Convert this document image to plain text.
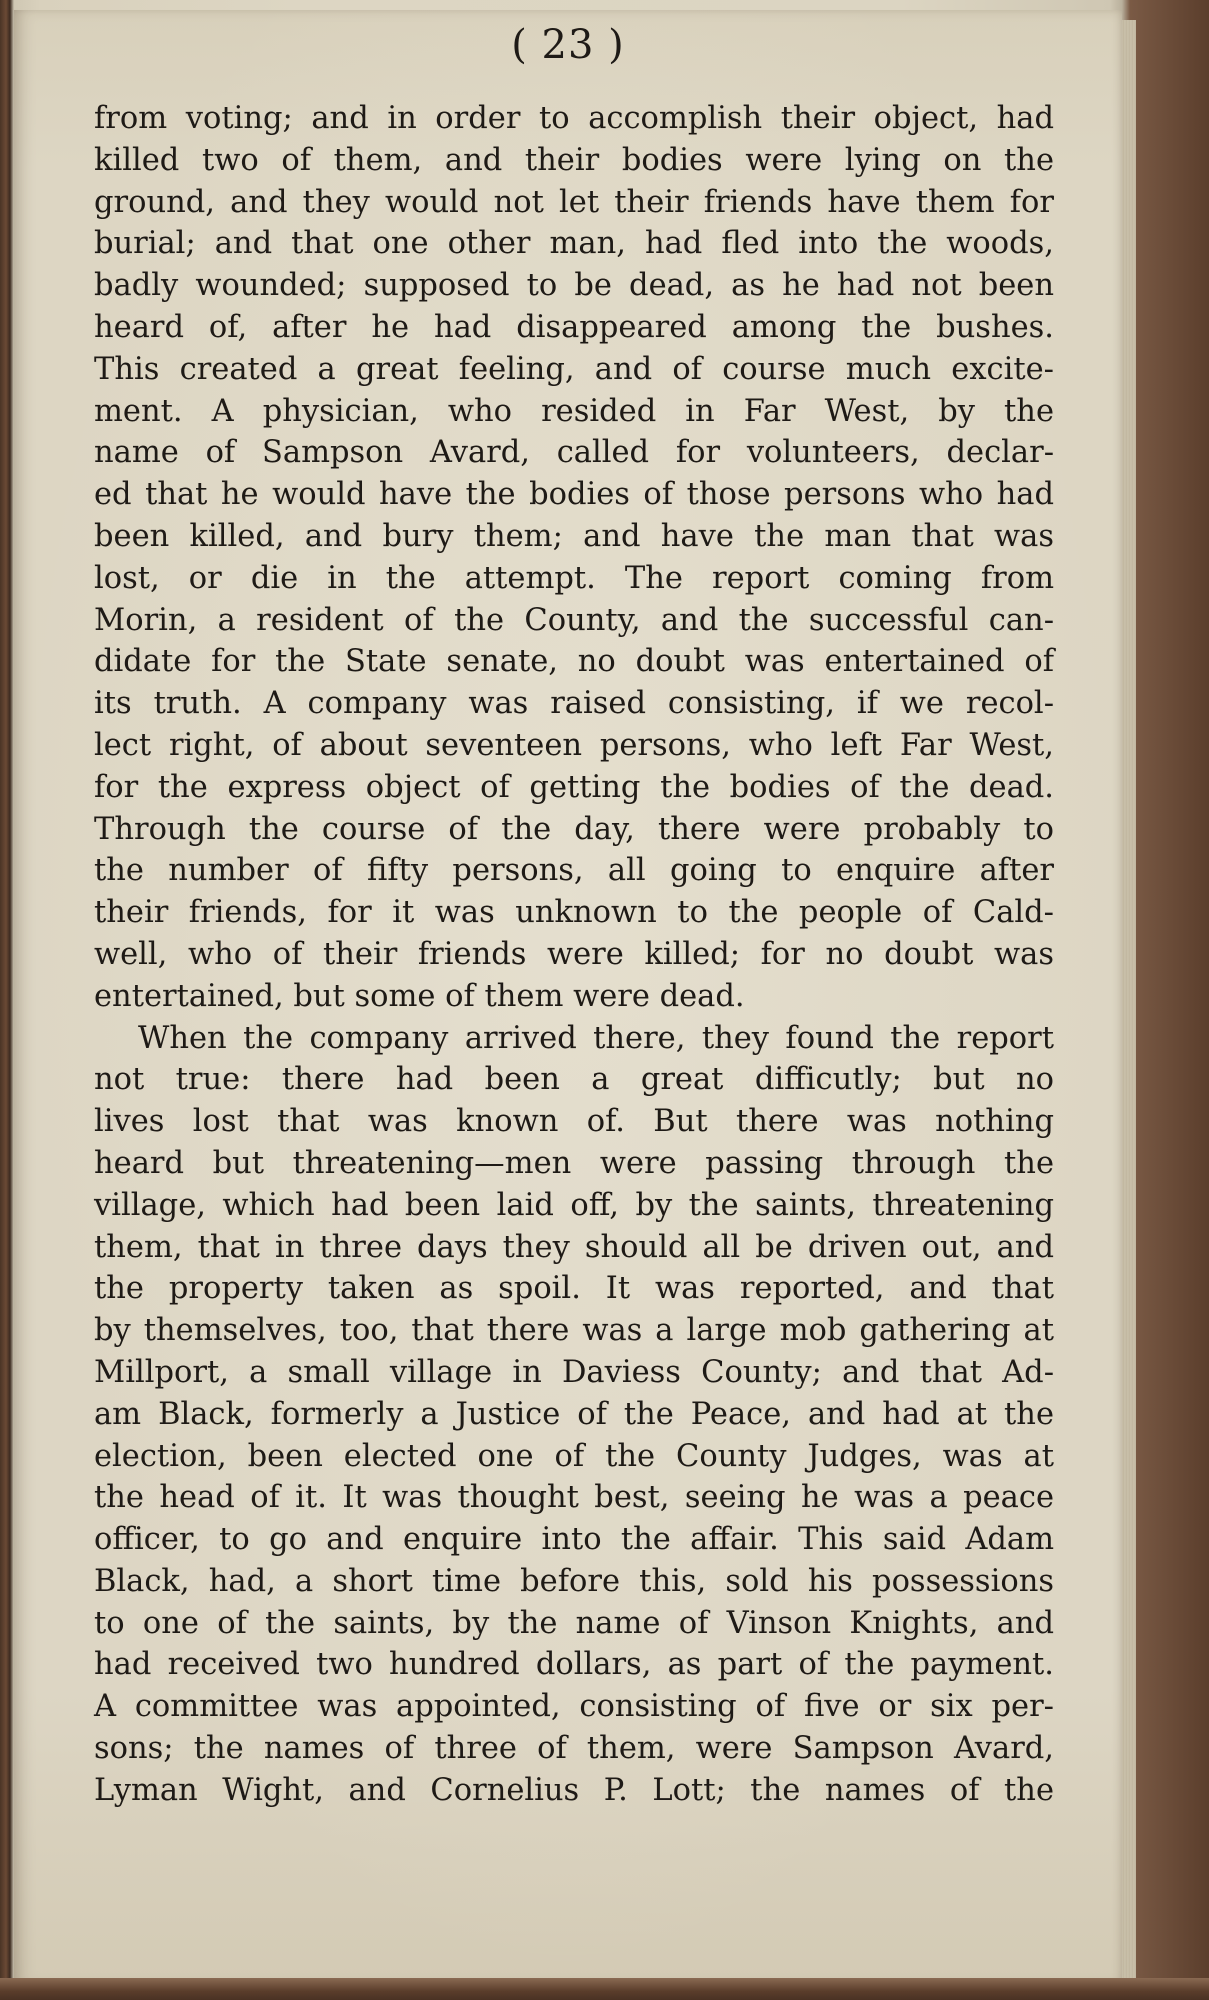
( 23 )
from voting; and in order to accomplish their object, had
killed two of them, and their bodies were lying on the
ground, and they would not let their friends have them for
burial; and that one other man, had fled into the woods,
badly wounded; supposed to be dead, as he had not been
heard of, after he had disappeared among the bushes.
This created a great feeling, and of course much excite-
ment. A physician, who resided in Far West, by the
name of Sampson Avard, called for volunteers, declar-
ed that he would have the bodies of those persons who had
been killed, and bury them; and have the man that was
lost, or die in the attempt. The report coming from
Morin, a resident of the County, and the successful can-
didate for the State senate, no doubt was entertained of
its truth. A company was raised consisting, if we recol-
lect right, of about seventeen persons, who left Far West,
for the express object of getting the bodies of the dead.
Through the course of the day, there were probably to
the number of fifty persons, all going to enquire after
their friends, for it was unknown to the people of Cald-
well, who of their friends were killed; for no doubt was
entertained, but some of them were dead.
When the company arrived there, they found the report
not true: there had been a great difficutly; but no
lives lost that was known of. But there was nothing
heard but threatening—men were passing through the
village, which had been laid off, by the saints, threatening
them, that in three days they should all be driven out, and
the property taken as spoil. It was reported, and that
by themselves, too, that there was a large mob gathering at
Millport, a small village in Daviess County; and that Ad-
am Black, formerly a Justice of the Peace, and had at the
election, been elected one of the County Judges, was at
the head of it. It was thought best, seeing he was a peace
officer, to go and enquire into the affair. This said Adam
Black, had, a short time before this, sold his possessions
to one of the saints, by the name of Vinson Knights, and
had received two hundred dollars, as part of the payment.
A committee was appointed, consisting of five or six per-
sons; the names of three of them, were Sampson Avard,
Lyman Wight, and Cornelius P. Lott; the names of the
